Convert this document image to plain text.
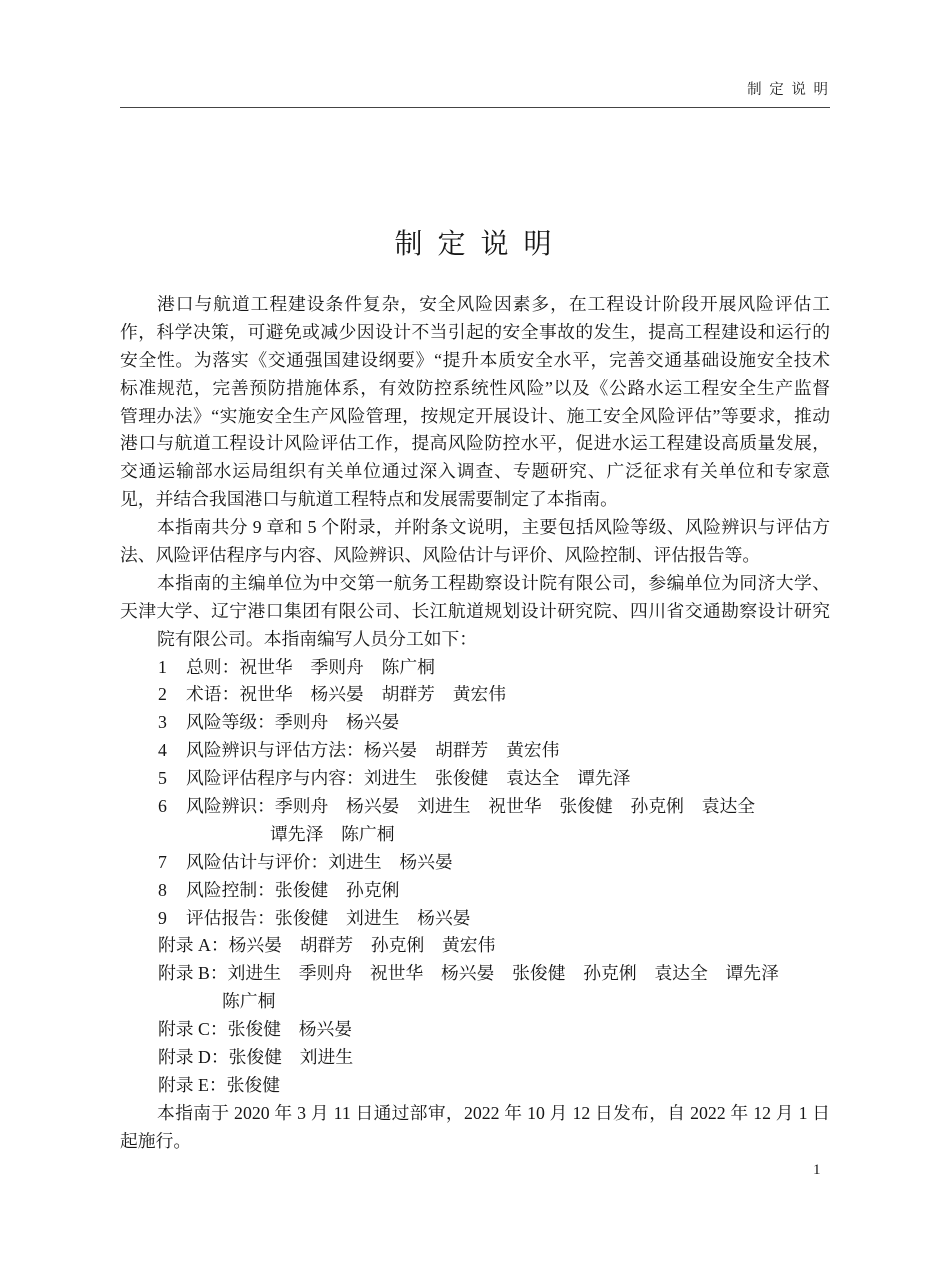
制 定 说 明
制 定 说 明
港口与航道工程建设条件复杂，安全风险因素多，在工程设计阶段开展风险评估工
作，科学决策，可避免或减少因设计不当引起的安全事故的发生，提高工程建设和运行的
安全性。为落实《交通强国建设纲要》“提升本质安全水平，完善交通基础设施安全技术
标准规范，完善预防措施体系，有效防控系统性风险”以及《公路水运工程安全生产监督
管理办法》“实施安全生产风险管理，按规定开展设计、施工安全风险评估”等要求，推动
港口与航道工程设计风险评估工作，提高风险防控水平，促进水运工程建设高质量发展，
交通运输部水运局组织有关单位通过深入调查、专题研究、广泛征求有关单位和专家意
见，并结合我国港口与航道工程特点和发展需要制定了本指南。
本指南共分 9 章和 5 个附录，并附条文说明，主要包括风险等级、风险辨识与评估方
法、风险评估程序与内容、风险辨识、风险估计与评价、风险控制、评估报告等。
本指南的主编单位为中交第一航务工程勘察设计院有限公司，参编单位为同济大学、
天津大学、辽宁港口集团有限公司、长江航道规划设计研究院、四川省交通勘察设计研究
院有限公司。本指南编写人员分工如下：
1 总则：祝世华　季则舟　陈广桐
2 术语：祝世华　杨兴晏　胡群芳　黄宏伟
3 风险等级：季则舟　杨兴晏
4 风险辨识与评估方法：杨兴晏　胡群芳　黄宏伟
5 风险评估程序与内容：刘进生　张俊健　袁达全　谭先泽
6 风险辨识：季则舟　杨兴晏　刘进生　祝世华　张俊健　孙克俐　袁达全
谭先泽　陈广桐
7 风险估计与评价：刘进生　杨兴晏
8 风险控制：张俊健　孙克俐
9 评估报告：张俊健　刘进生　杨兴晏
附录 A：杨兴晏　胡群芳　孙克俐　黄宏伟
附录 B：刘进生　季则舟　祝世华　杨兴晏　张俊健　孙克俐　袁达全　谭先泽
陈广桐
附录 C：张俊健　杨兴晏
附录 D：张俊健　刘进生
附录 E：张俊健
本指南于 2020 年 3 月 11 日通过部审，2022 年 10 月 12 日发布，自 2022 年 12 月 1 日
起施行。
1
